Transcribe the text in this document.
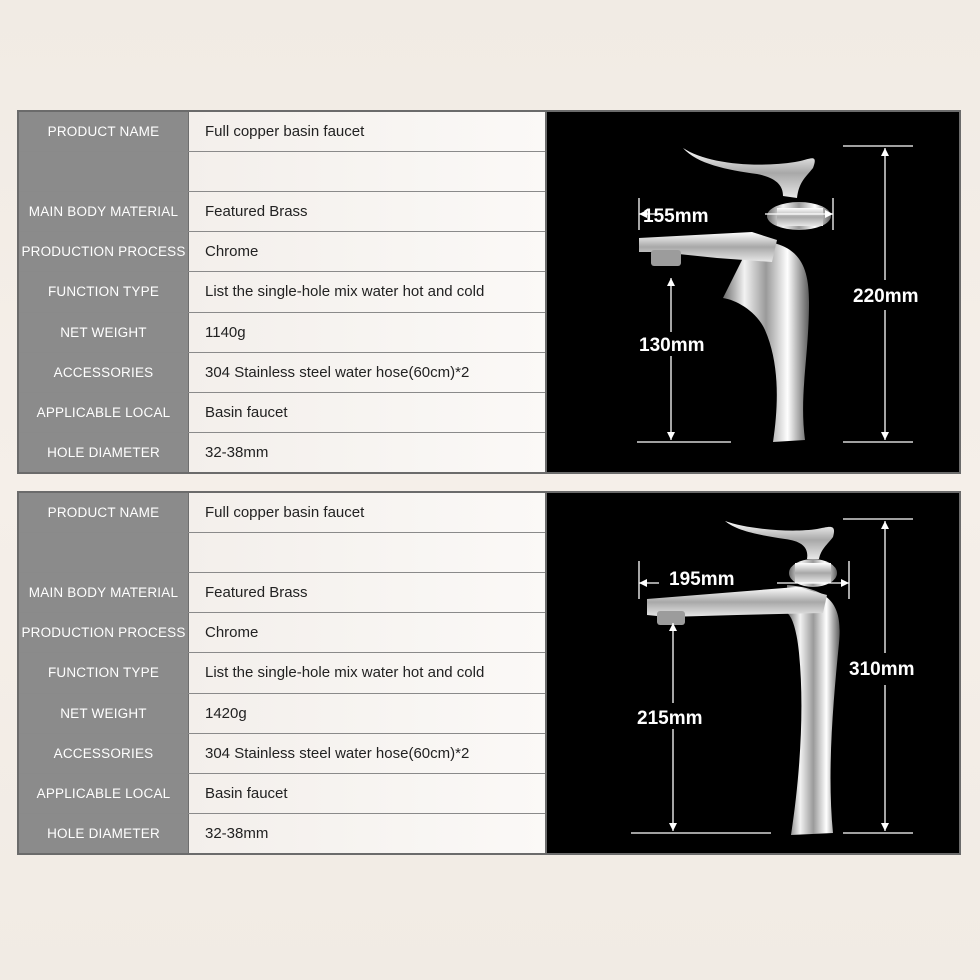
PRODUCT NAME	Full copper basin faucet
MAIN BODY MATERIAL	Featured Brass
PRODUCTION PROCESS	Chrome
FUNCTION TYPE	List the single-hole mix water hot and cold
NET WEIGHT	1140g
ACCESSORIES	304 Stainless steel water hose(60cm)*2
APPLICABLE LOCAL	Basin faucet
HOLE DIAMETER	32-38mm
155mm
220mm
130mm
PRODUCT NAME	Full copper basin faucet
MAIN BODY MATERIAL	Featured Brass
PRODUCTION PROCESS	Chrome
FUNCTION TYPE	List the single-hole mix water hot and cold
NET WEIGHT	1420g
ACCESSORIES	304 Stainless steel water hose(60cm)*2
APPLICABLE LOCAL	Basin faucet
HOLE DIAMETER	32-38mm
195mm
310mm
215mm
